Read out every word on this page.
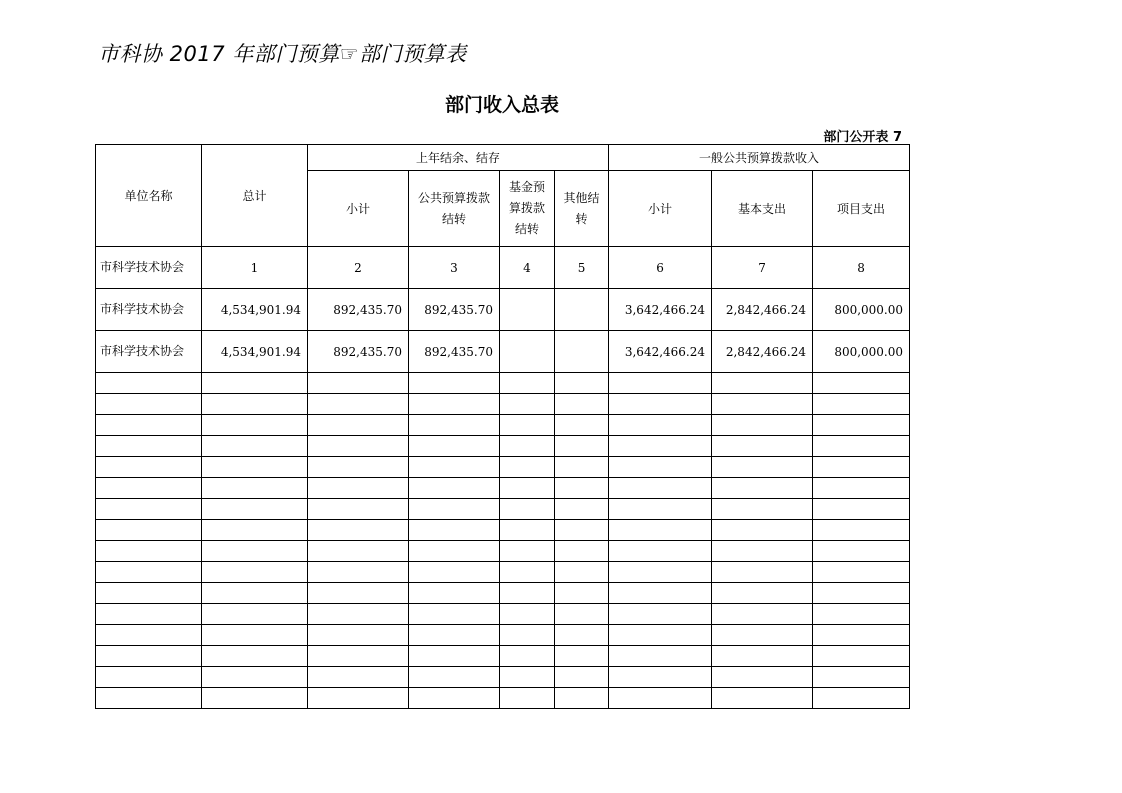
市科协 2017 年部门预算☞部门预算表
部门收入总表
部门公开表 7
单位名称	总计	上年结余、结存				一般公共预算拨款收入		
		小计	公共预算拨款结转	基金预算拨款结转	其他结转	小计	基本支出	项目支出
市科学技术协会	1	2	3	4	5	6	7	8
市科学技术协会	4,534,901.94	892,435.70	892,435.70			3,642,466.24	2,842,466.24	800,000.00
市科学技术协会	4,534,901.94	892,435.70	892,435.70			3,642,466.24	2,842,466.24	800,000.00
